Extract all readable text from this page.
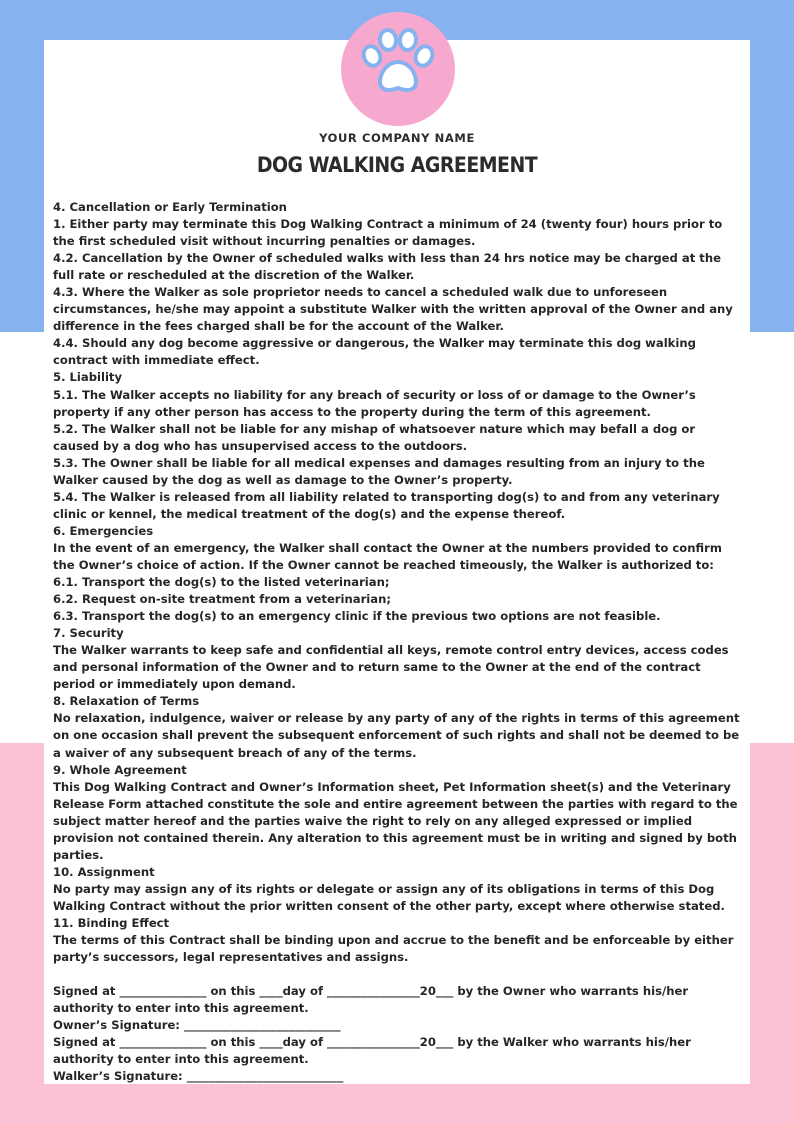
YOUR COMPANY NAME
DOG WALKING AGREEMENT

4. Cancellation or Early Termination

1. Either party may terminate this Dog Walking Contract a minimum of 24 (twenty four) hours prior to the first scheduled visit without incurring penalties or damages.

4.2. Cancellation by the Owner of scheduled walks with less than 24 hrs notice may be charged at the full rate or rescheduled at the discretion of the Walker.

4.3. Where the Walker as sole proprietor needs to cancel a scheduled walk due to unforeseen circumstances, he/she may appoint a substitute Walker with the written approval of the Owner and any difference in the fees charged shall be for the account of the Walker.

4.4. Should any dog become aggressive or dangerous, the Walker may terminate this dog walking contract with immediate effect.

5. Liability

5.1. The Walker accepts no liability for any breach of security or loss of or damage to the Owner’s property if any other person has access to the property during the term of this agreement.

5.2. The Walker shall not be liable for any mishap of whatsoever nature which may befall a dog or caused by a dog who has unsupervised access to the outdoors.

5.3. The Owner shall be liable for all medical expenses and damages resulting from an injury to the Walker caused by the dog as well as damage to the Owner’s property.

5.4. The Walker is released from all liability related to transporting dog(s) to and from any veterinary clinic or kennel, the medical treatment of the dog(s) and the expense thereof.

6. Emergencies

In the event of an emergency, the Walker shall contact the Owner at the numbers provided to confirm the Owner’s choice of action. If the Owner cannot be reached timeously, the Walker is authorized to:

6.1. Transport the dog(s) to the listed veterinarian;

6.2. Request on-site treatment from a veterinarian;

6.3. Transport the dog(s) to an emergency clinic if the previous two options are not feasible.

7. Security

The Walker warrants to keep safe and confidential all keys, remote control entry devices, access codes and personal information of the Owner and to return same to the Owner at the end of the contract period or immediately upon demand.

8. Relaxation of Terms

No relaxation, indulgence, waiver or release by any party of any of the rights in terms of this agreement on one occasion shall prevent the subsequent enforcement of such rights and shall not be deemed to be a waiver of any subsequent breach of any of the terms.

9. Whole Agreement

This Dog Walking Contract and Owner’s Information sheet, Pet Information sheet(s) and the Veterinary Release Form attached constitute the sole and entire agreement between the parties with regard to the subject matter hereof and the parties waive the right to rely on any alleged expressed or implied provision not contained therein. Any alteration to this agreement must be in writing and signed by both parties.

10. Assignment

No party may assign any of its rights or delegate or assign any of its obligations in terms of this Dog Walking Contract without the prior written consent of the other party, except where otherwise stated.

11. Binding Effect

The terms of this Contract shall be binding upon and accrue to the benefit and be enforceable by either party’s successors, legal representatives and assigns.

Signed at _______________ on this ____day of ________________20___ by the Owner who warrants his/her authority to enter into this agreement.

Owner’s Signature: ___________________________

Signed at _______________ on this ____day of ________________20___ by the Walker who warrants his/her authority to enter into this agreement.

Walker’s Signature: ___________________________
